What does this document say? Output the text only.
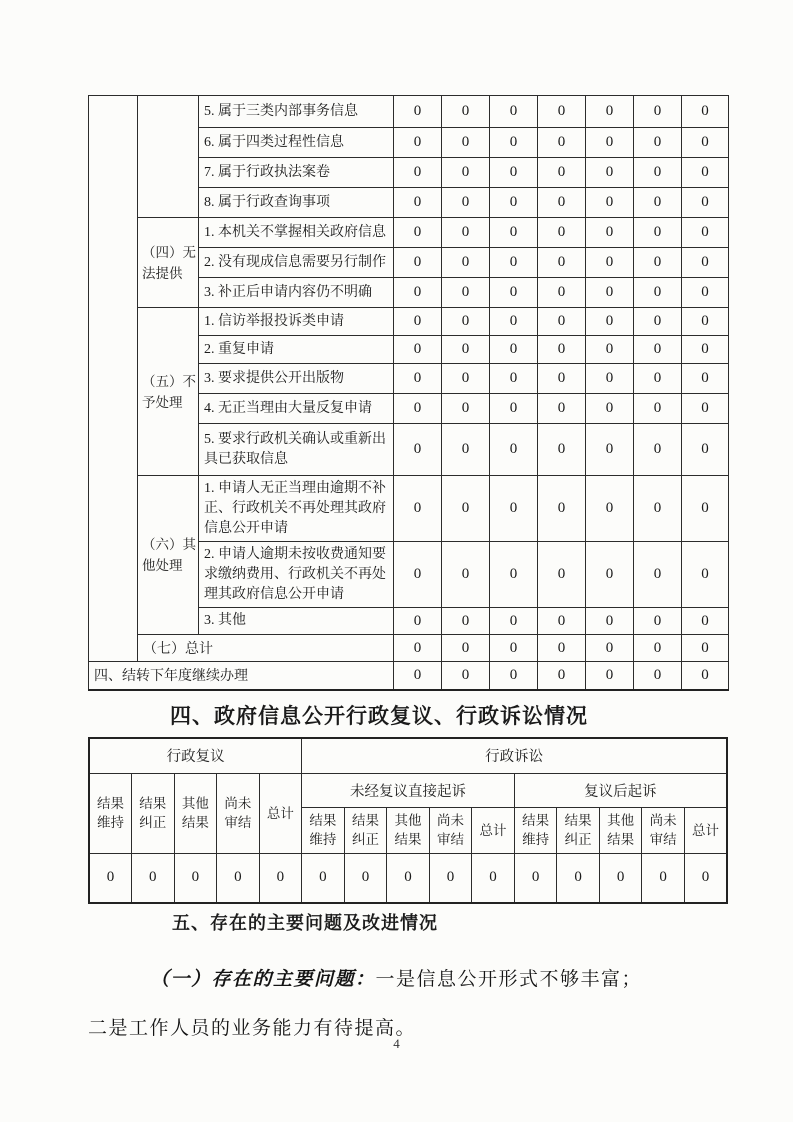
		5. 属于三类内部事务信息	0	0	0	0	0	0	0
		6. 属于四类过程性信息	0	0	0	0	0	0	0
		7. 属于行政执法案卷	0	0	0	0	0	0	0
		8. 属于行政查询事项	0	0	0	0	0	0	0
	（四）无法提供	1. 本机关不掌握相关政府信息	0	0	0	0	0	0	0
		2. 没有现成信息需要另行制作	0	0	0	0	0	0	0
		3. 补正后申请内容仍不明确	0	0	0	0	0	0	0
	（五）不予处理	1. 信访举报投诉类申请	0	0	0	0	0	0	0
		2. 重复申请	0	0	0	0	0	0	0
		3. 要求提供公开出版物	0	0	0	0	0	0	0
		4. 无正当理由大量反复申请	0	0	0	0	0	0	0
		5. 要求行政机关确认或重新出具已获取信息	0	0	0	0	0	0	0
	（六）其他处理	1. 申请人无正当理由逾期不补正、行政机关不再处理其政府信息公开申请	0	0	0	0	0	0	0
		2. 申请人逾期未按收费通知要求缴纳费用、行政机关不再处理其政府信息公开申请	0	0	0	0	0	0	0
		3. 其他	0	0	0	0	0	0	0
	（七）总计		0	0	0	0	0	0	0
四、结转下年度继续办理			0	0	0	0	0	0	0
四、政府信息公开行政复议、行政诉讼情况
行政复议					行政诉讼									
结果维持	结果纠正	其他结果	尚未审结	总计	未经复议直接起诉					复议后起诉				
					结果维持	结果纠正	其他结果	尚未审结	总计	结果维持	结果纠正	其他结果	尚未审结	总计
0	0	0	0	0	0	0	0	0	0	0	0	0	0	0
五、存在的主要问题及改进情况

（一）存在的主要问题：一是信息公开形式不够丰富；

二是工作人员的业务能力有待提高。

4
